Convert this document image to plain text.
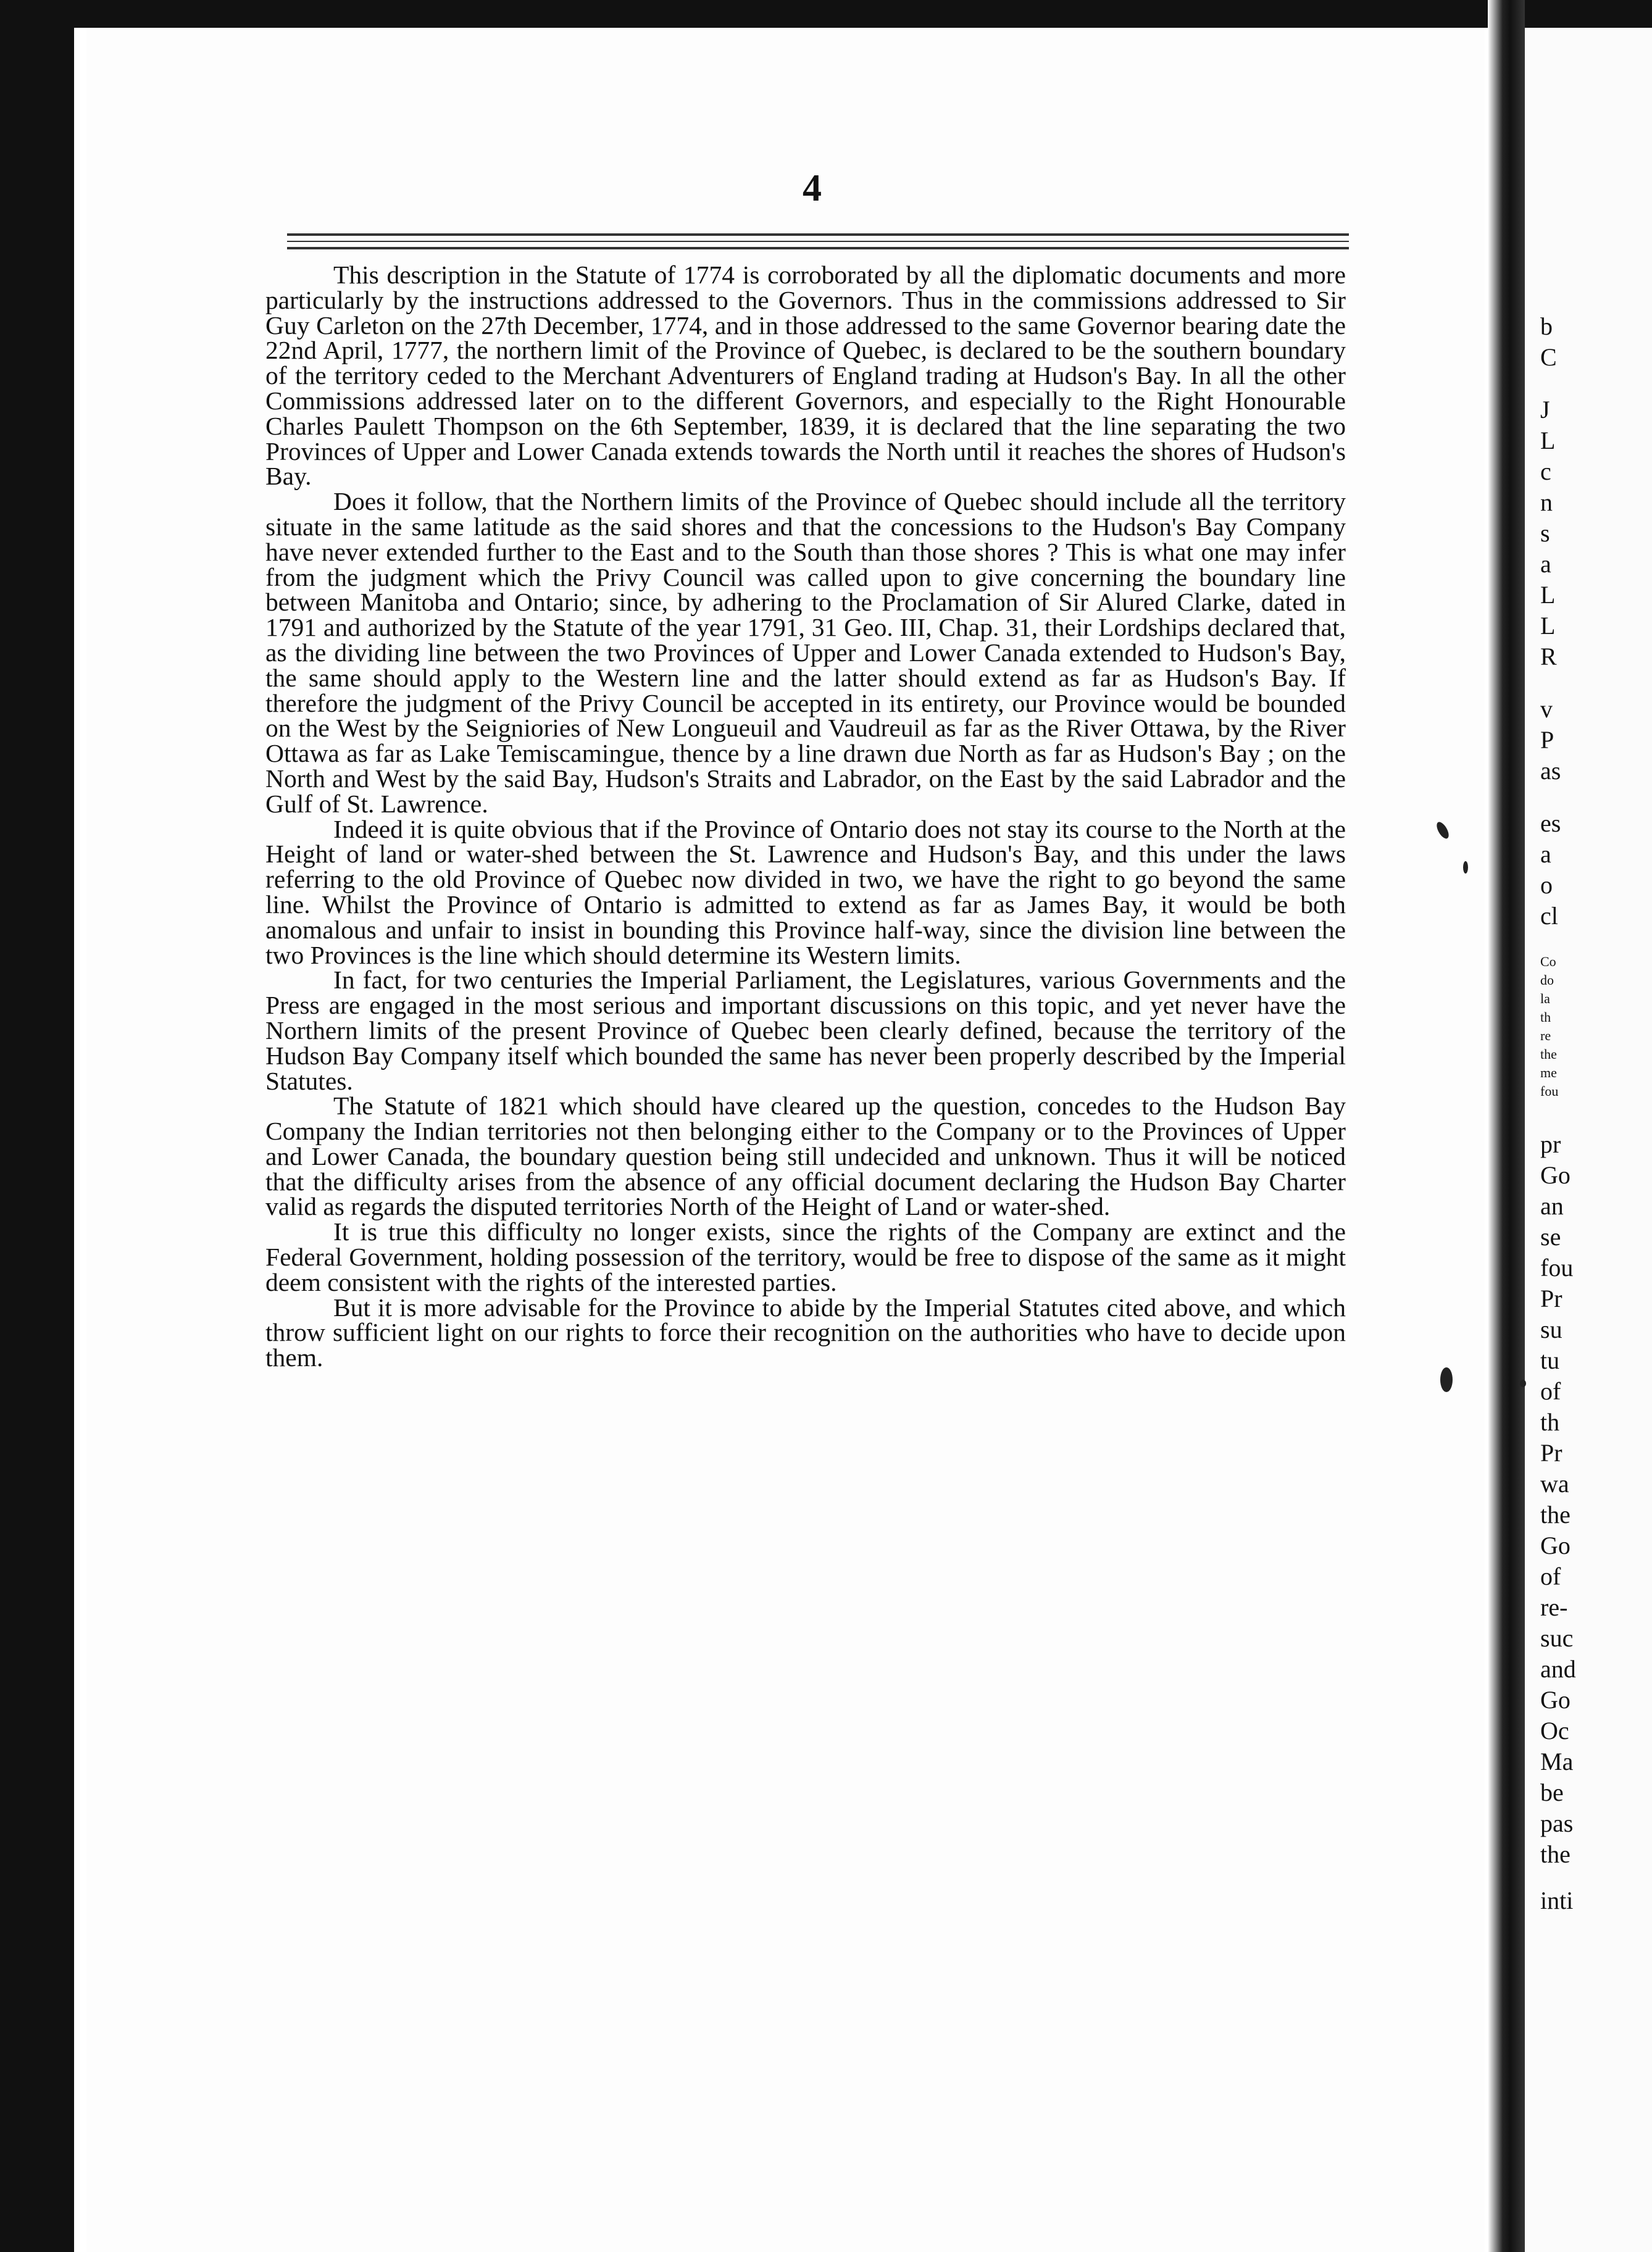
4

This description in the Statute of 1774 is corroborated by all the diplomatic documents and more particularly by the instructions addressed to the Governors. Thus in the commissions addressed to Sir Guy Carleton on the 27th December, 1774, and in those addressed to the same Governor bearing date the 22nd April, 1777, the northern limit of the Province of Quebec, is declared to be the southern boundary of the territory ceded to the Merchant Adventurers of England trading at Hudson's Bay. In all the other Commissions addressed later on to the different Governors, and especially to the Right Honourable Charles Paulett Thompson on the 6th September, 1839, it is declared that the line separating the two Provinces of Upper and Lower Canada extends towards the North until it reaches the shores of Hudson's Bay.

Does it follow, that the Northern limits of the Province of Quebec should include all the territory situate in the same latitude as the said shores and that the concessions to the Hudson's Bay Company have never extended further to the East and to the South than those shores ? This is what one may infer from the judgment which the Privy Council was called upon to give concerning the boundary line between Manitoba and Ontario; since, by adhering to the Proclamation of Sir Alured Clarke, dated in 1791 and authorized by the Statute of the year 1791, 31 Geo. III, Chap. 31, their Lordships declared that, as the dividing line between the two Provinces of Upper and Lower Canada extended to Hudson's Bay, the same should apply to the Western line and the latter should extend as far as Hudson's Bay. If therefore the judgment of the Privy Council be accepted in its entirety, our Province would be bounded on the West by the Seigniories of New Longueuil and Vaudreuil as far as the River Ottawa, by the River Ottawa as far as Lake Temiscamingue, thence by a line drawn due North as far as Hudson's Bay ; on the North and West by the said Bay, Hudson's Straits and Labrador, on the East by the said Labrador and the Gulf of St. Lawrence.

Indeed it is quite obvious that if the Province of Ontario does not stay its course to the North at the Height of land or water-shed between the St. Lawrence and Hudson's Bay, and this under the laws referring to the old Province of Quebec now divided in two, we have the right to go beyond the same line. Whilst the Province of Ontario is admitted to extend as far as James Bay, it would be both anomalous and unfair to insist in bounding this Province half-way, since the division line between the two Provinces is the line which should determine its Western limits.

In fact, for two centuries the Imperial Parliament, the Legislatures, various Governments and the Press are engaged in the most serious and important discussions on this topic, and yet never have the Northern limits of the present Province of Quebec been clearly defined, because the territory of the Hudson Bay Company itself which bounded the same has never been properly described by the Imperial Statutes.

The Statute of 1821 which should have cleared up the question, concedes to the Hudson Bay Company the Indian territories not then belonging either to the Company or to the Provinces of Upper and Lower Canada, the boundary question being still undecided and unknown. Thus it will be noticed that the difficulty arises from the absence of any official document declaring the Hudson Bay Charter valid as regards the disputed territories North of the Height of Land or water-shed.

It is true this difficulty no longer exists, since the rights of the Company are extinct and the Federal Government, holding possession of the territory, would be free to dispose of the same as it might deem consistent with the rights of the interested parties.

But it is more advisable for the Province to abide by the Imperial Statutes cited above, and which throw sufficient light on our rights to force their recognition on the authorities who have to decide upon them.

b
C
J
L
c
n
s
a
L
L
R
v
P
as
es
a
o
cl
Co
do
la
th
re
the
me
fou
pr
Go
an
se
fou
Pr
su
tu
of
th
Pr
wa
the
Go
of
re-
suc
and
Go
Oc
Ma
be
pas
the
inti
